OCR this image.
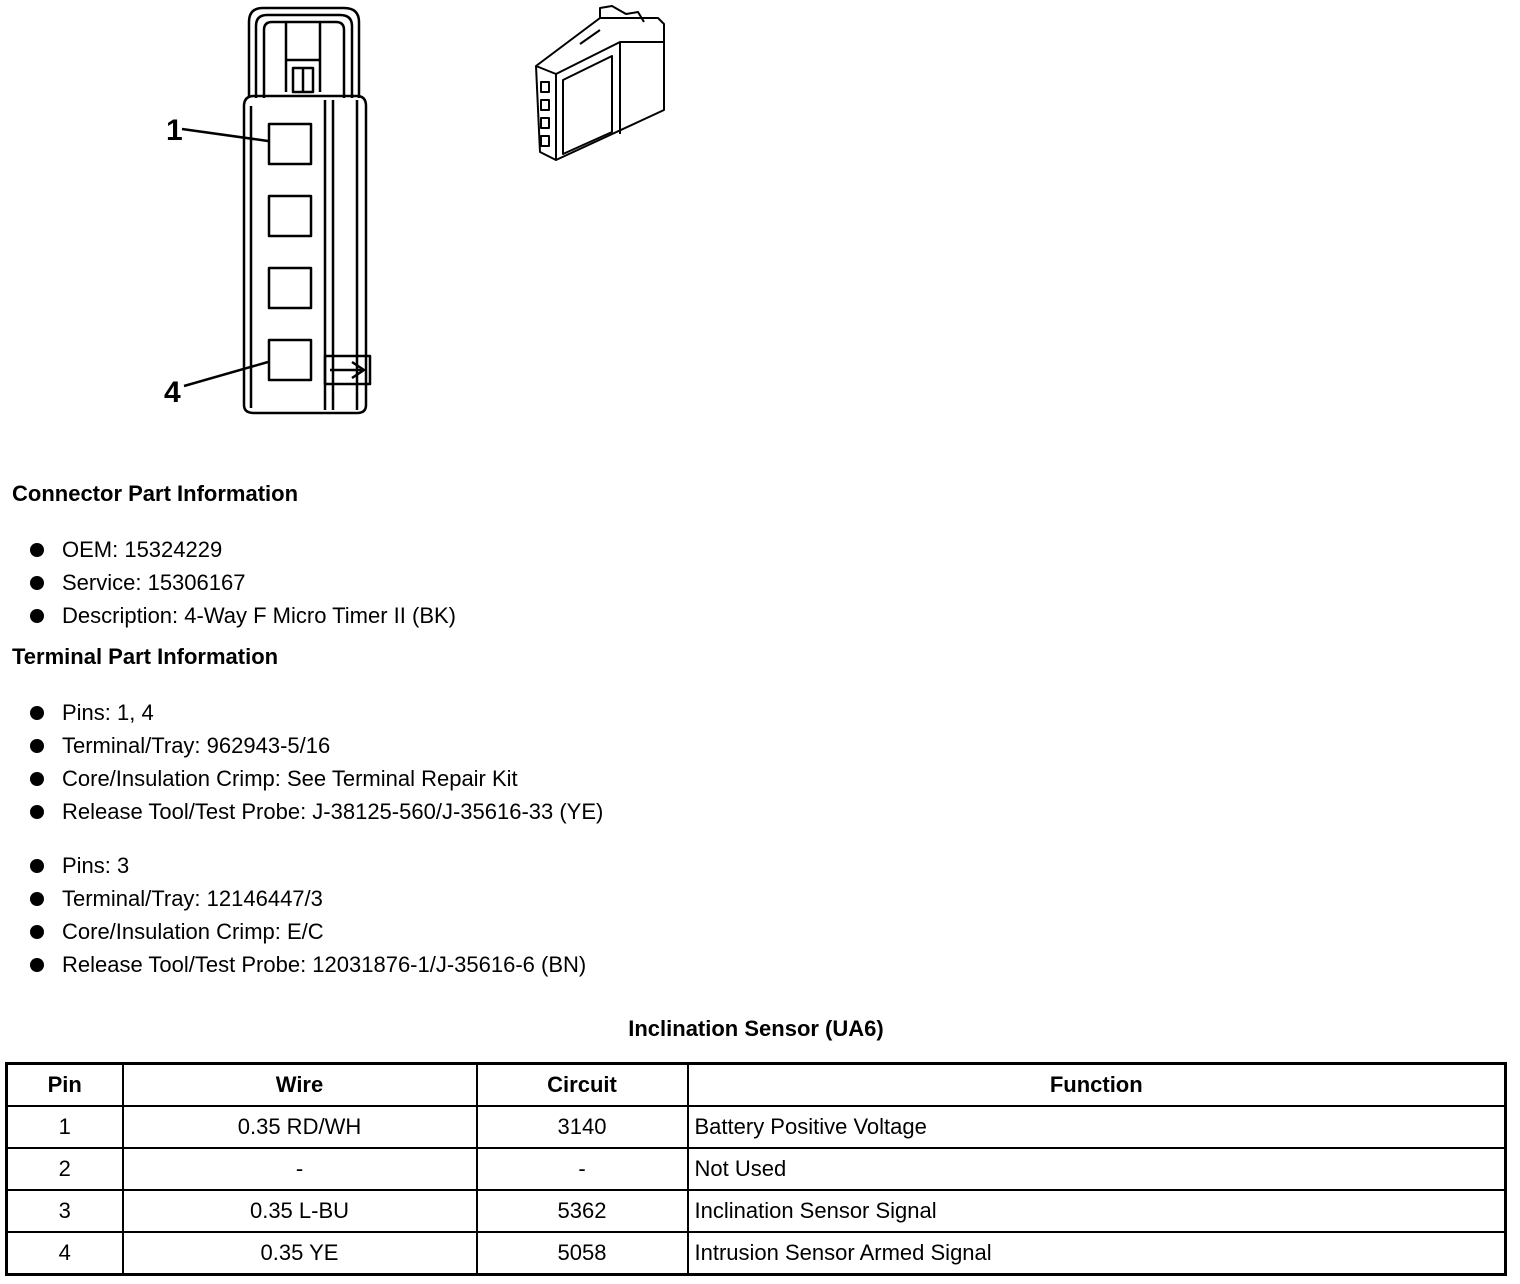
1
4
Connector Part Information
OEM: 15324229
Service: 15306167
Description: 4-Way F Micro Timer II (BK)
Terminal Part Information
Pins: 1, 4
Terminal/Tray: 962943-5/16
Core/Insulation Crimp: See Terminal Repair Kit
Release Tool/Test Probe: J-38125-560/J-35616-33 (YE)
Pins: 3
Terminal/Tray: 12146447/3
Core/Insulation Crimp: E/C
Release Tool/Test Probe: 12031876-1/J-35616-6 (BN)
Inclination Sensor (UA6)
Pin	Wire	Circuit	Function
1	0.35 RD/WH	3140	Battery Positive Voltage
2	-	-	Not Used
3	0.35 L-BU	5362	Inclination Sensor Signal
4	0.35 YE	5058	Intrusion Sensor Armed Signal
